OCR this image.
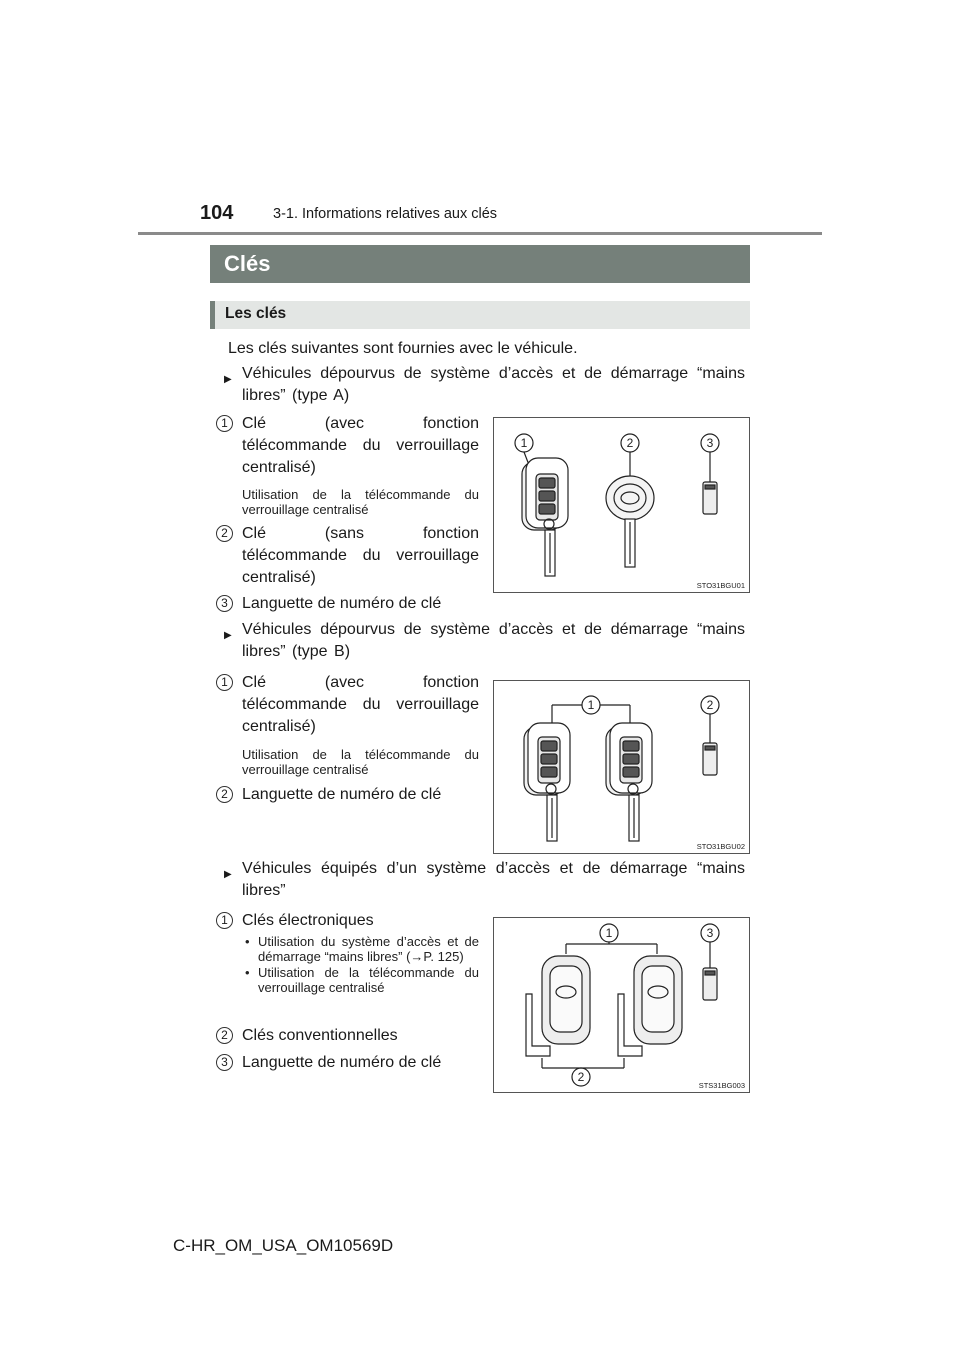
104	3-1. Informations relatives aux clés
Clés
Les clés
Les clés suivantes sont fournies avec le véhicule.
▶ Véhicules dépourvus de système d’accès et de démarrage “mains libres” (type A)
1 Clé (avec fonction télécommande du verrouillage centralisé)
Utilisation de la télécommande du verrouillage centralisé
2 Clé (sans fonction télécommande du verrouillage centralisé)
3 Languette de numéro de clé
1	2	3
STO31BGU01
▶ Véhicules dépourvus de système d’accès et de démarrage “mains libres” (type B)
1 Clé (avec fonction télécommande du verrouillage centralisé)
Utilisation de la télécommande du verrouillage centralisé
2 Languette de numéro de clé
1	2
STO31BGU02
▶ Véhicules équipés d’un système d’accès et de démarrage “mains libres”
1 Clés électroniques
• Utilisation du système d’accès et de démarrage “mains libres” (→P. 125)
• Utilisation de la télécommande du verrouillage centralisé
2 Clés conventionnelles
3 Languette de numéro de clé
1
2
3
STS31BG003
C-HR_OM_USA_OM10569D
